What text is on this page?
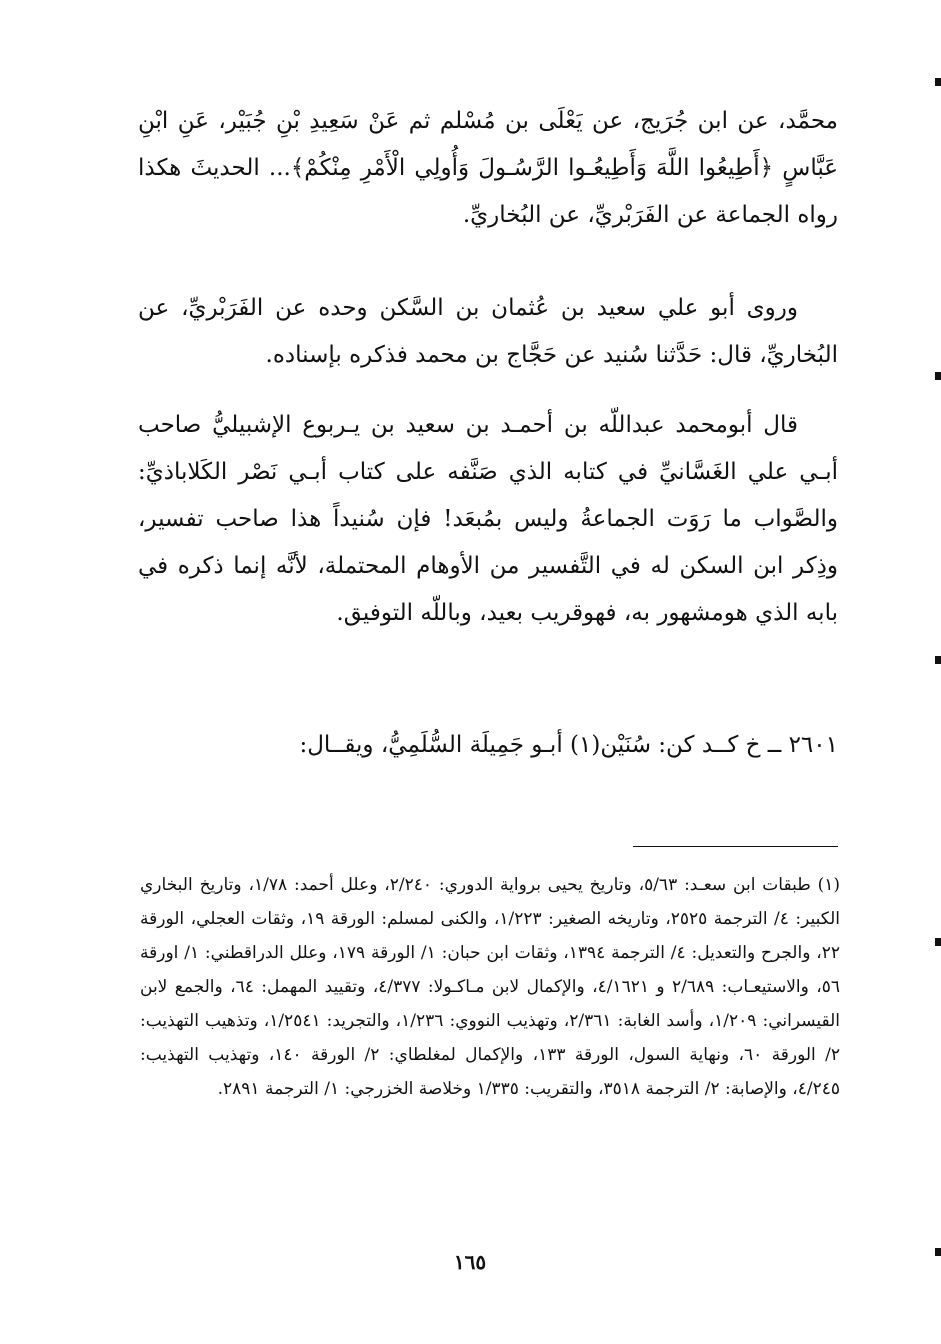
محمَّد، عن ابن جُرَيج، عن يَعْلَى بن مُسْلم ثم عَنْ سَعِيدِ بْنِ جُبَيْر، عَنِ ابْنِ عَبَّاسٍ ﴿أَطِيعُوا اللَّهَ وَأَطِيعُـوا الرَّسُـولَ وَأُولِي الْأَمْرِ مِنْكُمْ﴾... الحديثَ هكذا رواه الجماعة عن الفَرَبْريِّ، عن البُخاريِّ.

وروى أبو علي سعيد بن عُثمان بن السَّكن وحده عن الفَرَبْريِّ، عن البُخاريِّ، قال: حَدَّثنا سُنيد عن حَجَّاج بن محمد فذكره بإسناده.

قال أبومحمد عبداللّه بن أحمـد بن سعيد بن يـربوع الإشبيليُّ صاحب أبـي علي الغَسَّانيِّ في كتابه الذي صَنَّفه على كتاب أبـي نَصْر الكَلاباذيِّ: والصَّواب ما رَوَت الجماعةُ وليس بمُبعَد! فإن سُنيداً هذا صاحب تفسير، وذِكر ابن السكن له في التَّفسير من الأوهام المحتملة، لأنَّه إنما ذكره في بابه الذي هومشهور به، فهوقريب بعيد، وباللّه التوفيق.

٢٦٠١ ــ خ كــد كن: سُنَيْن(١) أبـو جَمِيلَة السُّلَمِيُّ، ويقــال:

(١) طبقات ابن سعـد: ٥/٦٣، وتاريخ يحيى برواية الدوري: ٢/٢٤٠، وعلل أحمد: ١/٧٨، وتاريخ البخاري الكبير: ٤/ الترجمة ٢٥٢٥، وتاريخه الصغير: ١/٢٢٣، والكنى لمسلم: الورقة ١٩، وثقات العجلي، الورقة ٢٢، والجرح والتعديل: ٤/ الترجمة ١٣٩٤، وثقات ابن حبان: ١/ الورقة ١٧٩، وعلل الدراقطني: ١/ اورقة ٥٦، والاستيعـاب: ٢/٦٨٩ و ٤/١٦٢١، والإكمال لابن مـاكـولا: ٤/٣٧٧، وتقييد المهمل: ٦٤، والجمع لابن القيسراني: ١/٢٠٩، وأسد الغابة: ٢/٣٦١، وتهذيب النووي: ١/٢٣٦، والتجريد: ١/٢٥٤١، وتذهيب التهذيب: ٢/ الورقة ٦٠، ونهاية السول، الورقة ١٣٣، والإكمال لمغلطاي: ٢/ الورقة ١٤٠، وتهذيب التهذيب: ٤/٢٤٥، والإصابة: ٢/ الترجمة ٣٥١٨، والتقريب: ١/٣٣٥ وخلاصة الخزرجي: ١/ الترجمة ٢٨٩١.

١٦٥
